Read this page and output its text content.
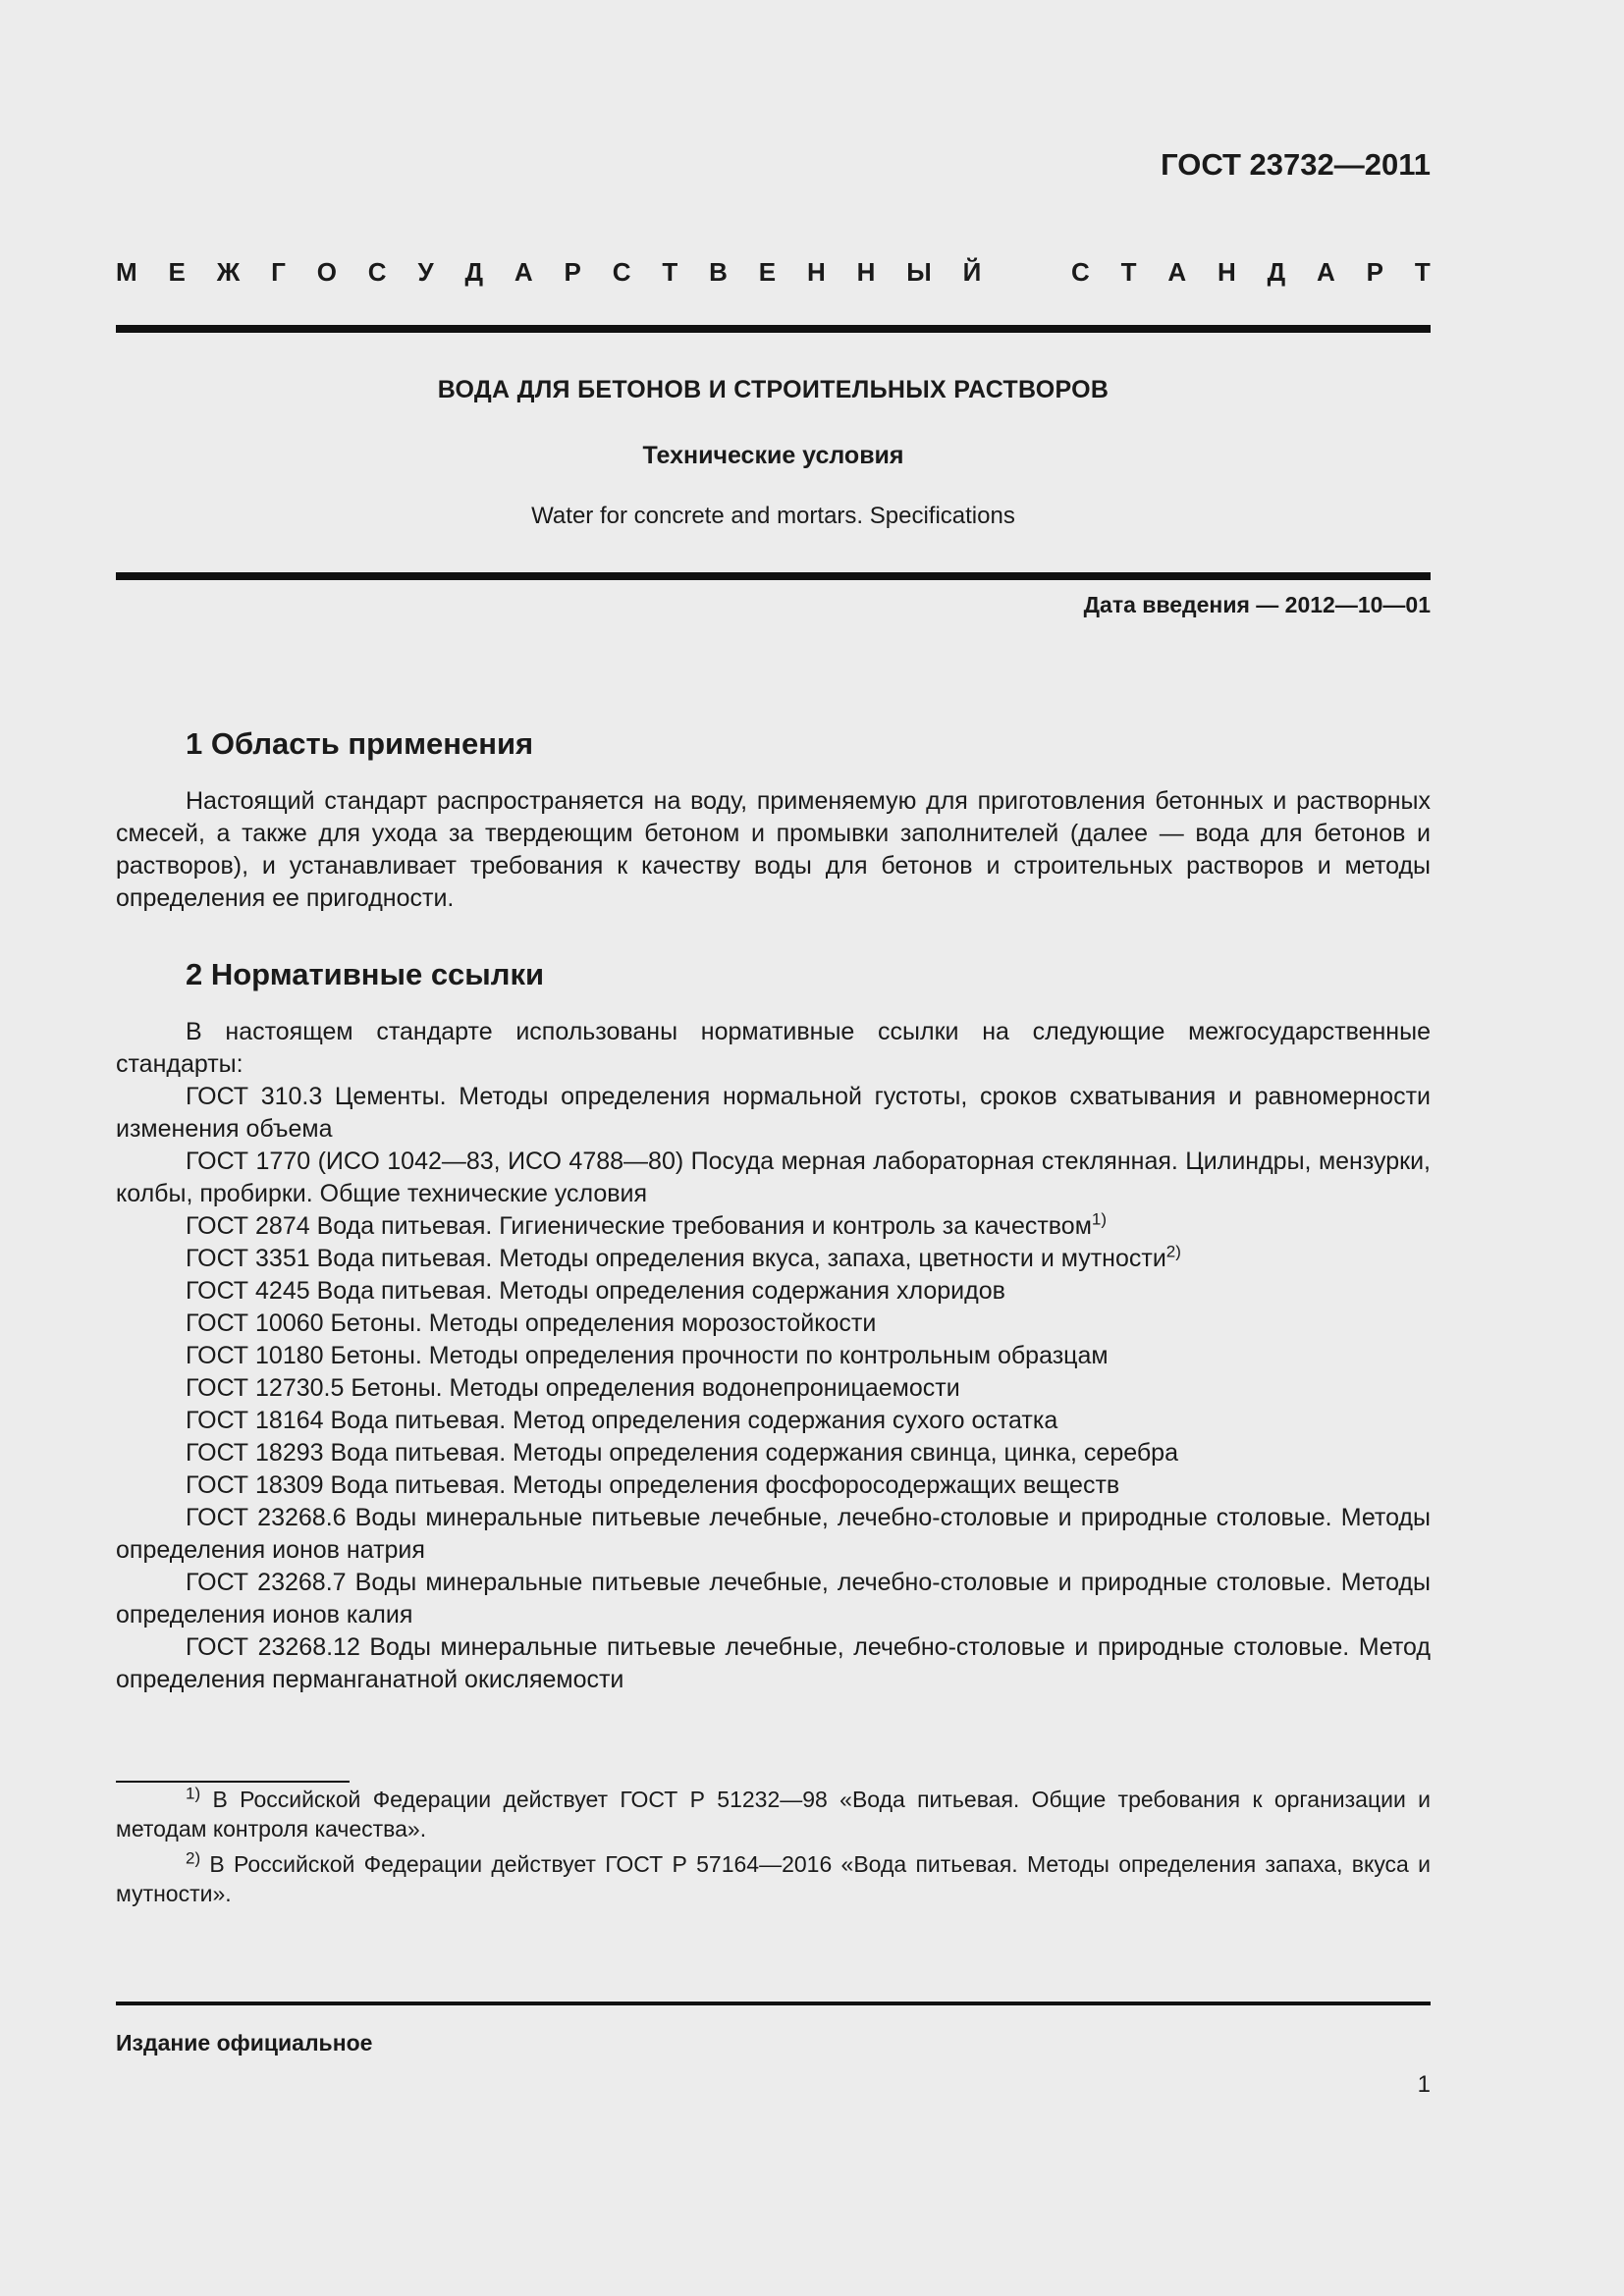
ГОСТ 23732—2011
М Е Ж Г О С У Д А Р С Т В Е Н Н Ы Й	С Т А Н Д А Р Т
ВОДА ДЛЯ БЕТОНОВ И СТРОИТЕЛЬНЫХ РАСТВОРОВ
Технические условия
Water for concrete and mortars. Specifications
Дата введения — 2012—10—01
1 Область применения

Настоящий стандарт распространяется на воду, применяемую для приготовления бетонных и растворных смесей, а также для ухода за твердеющим бетоном и промывки заполнителей (далее — вода для бетонов и растворов), и устанавливает требования к качеству воды для бетонов и строительных растворов и методы определения ее пригодности.

2 Нормативные ссылки

В настоящем стандарте использованы нормативные ссылки на следующие межгосударственные стандарты:

ГОСТ 310.3 Цементы. Методы определения нормальной густоты, сроков схватывания и равномерности изменения объема

ГОСТ 1770 (ИСО 1042—83, ИСО 4788—80) Посуда мерная лабораторная стеклянная. Цилиндры, мензурки, колбы, пробирки. Общие технические условия

ГОСТ 2874 Вода питьевая. Гигиенические требования и контроль за качеством$^{1)}$

ГОСТ 3351 Вода питьевая. Методы определения вкуса, запаха, цветности и мутности$^{2)}$

ГОСТ 4245 Вода питьевая. Методы определения содержания хлоридов

ГОСТ 10060 Бетоны. Методы определения морозостойкости

ГОСТ 10180 Бетоны. Методы определения прочности по контрольным образцам

ГОСТ 12730.5 Бетоны. Методы определения водонепроницаемости

ГОСТ 18164 Вода питьевая. Метод определения содержания сухого остатка

ГОСТ 18293 Вода питьевая. Методы определения содержания свинца, цинка, серебра

ГОСТ 18309 Вода питьевая. Методы определения фосфоросодержащих веществ

ГОСТ 23268.6 Воды минеральные питьевые лечебные, лечебно-столовые и природные столовые. Методы определения ионов натрия

ГОСТ 23268.7 Воды минеральные питьевые лечебные, лечебно-столовые и природные столовые. Методы определения ионов калия

ГОСТ 23268.12 Воды минеральные питьевые лечебные, лечебно-столовые и природные столовые. Метод определения перманганатной окисляемости

$^{1)}$ В Российской Федерации действует ГОСТ Р 51232—98 «Вода питьевая. Общие требования к организации и методам контроля качества».

$^{2)}$ В Российской Федерации действует ГОСТ Р 57164—2016 «Вода питьевая. Методы определения запаха, вкуса и мутности».

Издание официальное
1
